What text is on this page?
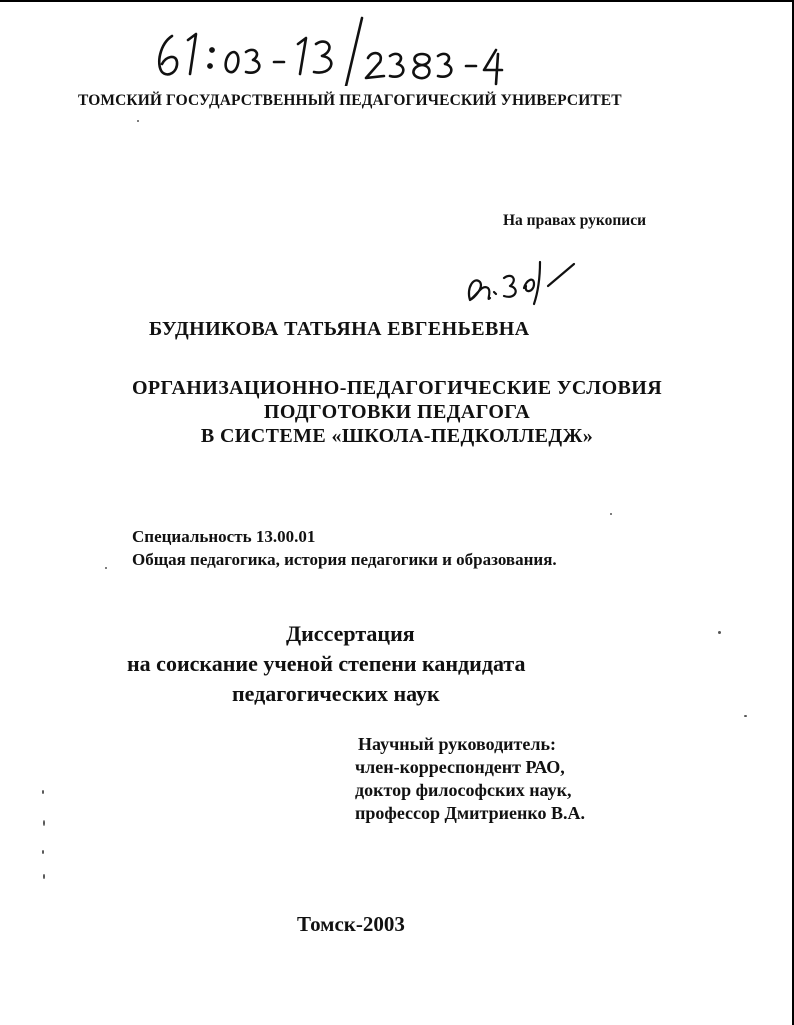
ТОМСКИЙ ГОСУДАРСТВЕННЫЙ ПЕДАГОГИЧЕСКИЙ УНИВЕРСИТЕТ
На правах рукописи
БУДНИКОВА ТАТЬЯНА ЕВГЕНЬЕВНА
ОРГАНИЗАЦИОННО-ПЕДАГОГИЧЕСКИЕ УСЛОВИЯ
ПОДГОТОВКИ ПЕДАГОГА
В СИСТЕМЕ «ШКОЛА-ПЕДКОЛЛЕДЖ»
Специальность 13.00.01
Общая педагогика, история педагогики и образования.
Диссертация
на соискание ученой степени кандидата
педагогических наук
Научный руководитель:
член-корреспондент РАО,
доктор философских наук,
профессор Дмитриенко В.А.
Томск-2003
